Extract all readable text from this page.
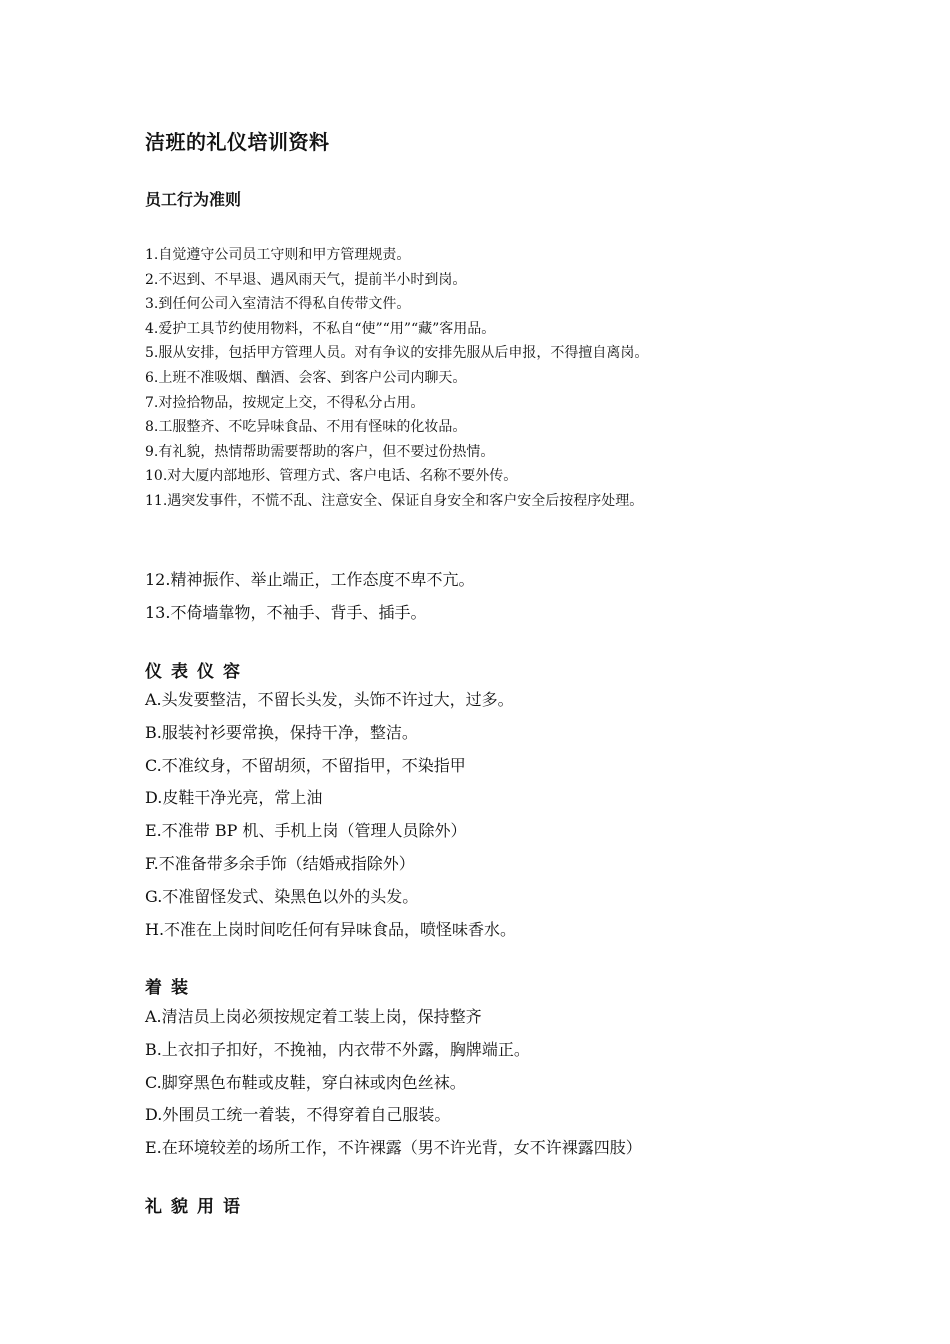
洁班的礼仪培训资料
员工行为准则
1.自觉遵守公司员工守则和甲方管理规责。
2.不迟到、不早退、遇风雨天气，提前半小时到岗。
3.到任何公司入室清洁不得私自传带文件。
4.爱护工具节约使用物料，不私自“使”“用”“藏”客用品。
5.服从安排，包括甲方管理人员。对有争议的安排先服从后申报，不得擅自离岗。
6.上班不准吸烟、酗酒、会客、到客户公司内聊天。
7.对捡拾物品，按规定上交，不得私分占用。
8.工服整齐、不吃异味食品、不用有怪味的化妆品。
9.有礼貌，热情帮助需要帮助的客户，但不要过份热情。
10.对大厦内部地形、管理方式、客户电话、名称不要外传。
11.遇突发事件，不慌不乱、注意安全、保证自身安全和客户安全后按程序处理。
12.精神振作、举止端正，工作态度不卑不亢。
13.不倚墙靠物，不袖手、背手、插手。
仪表仪容
A.头发要整洁，不留长头发，头饰不许过大，过多。
B.服装衬衫要常换，保持干净，整洁。
C.不准纹身，不留胡须，不留指甲，不染指甲
D.皮鞋干净光亮，常上油
E.不准带 BP 机、手机上岗（管理人员除外）
F.不准备带多余手饰（结婚戒指除外）
G.不准留怪发式、染黑色以外的头发。
H.不准在上岗时间吃任何有异味食品，喷怪味香水。
着装
A.清洁员上岗必须按规定着工装上岗，保持整齐
B.上衣扣子扣好，不挽袖，内衣带不外露，胸牌端正。
C.脚穿黑色布鞋或皮鞋，穿白袜或肉色丝袜。
D.外围员工统一着装，不得穿着自己服装。
E.在环境较差的场所工作，不许裸露（男不许光背，女不许裸露四肢）
礼貌用语
